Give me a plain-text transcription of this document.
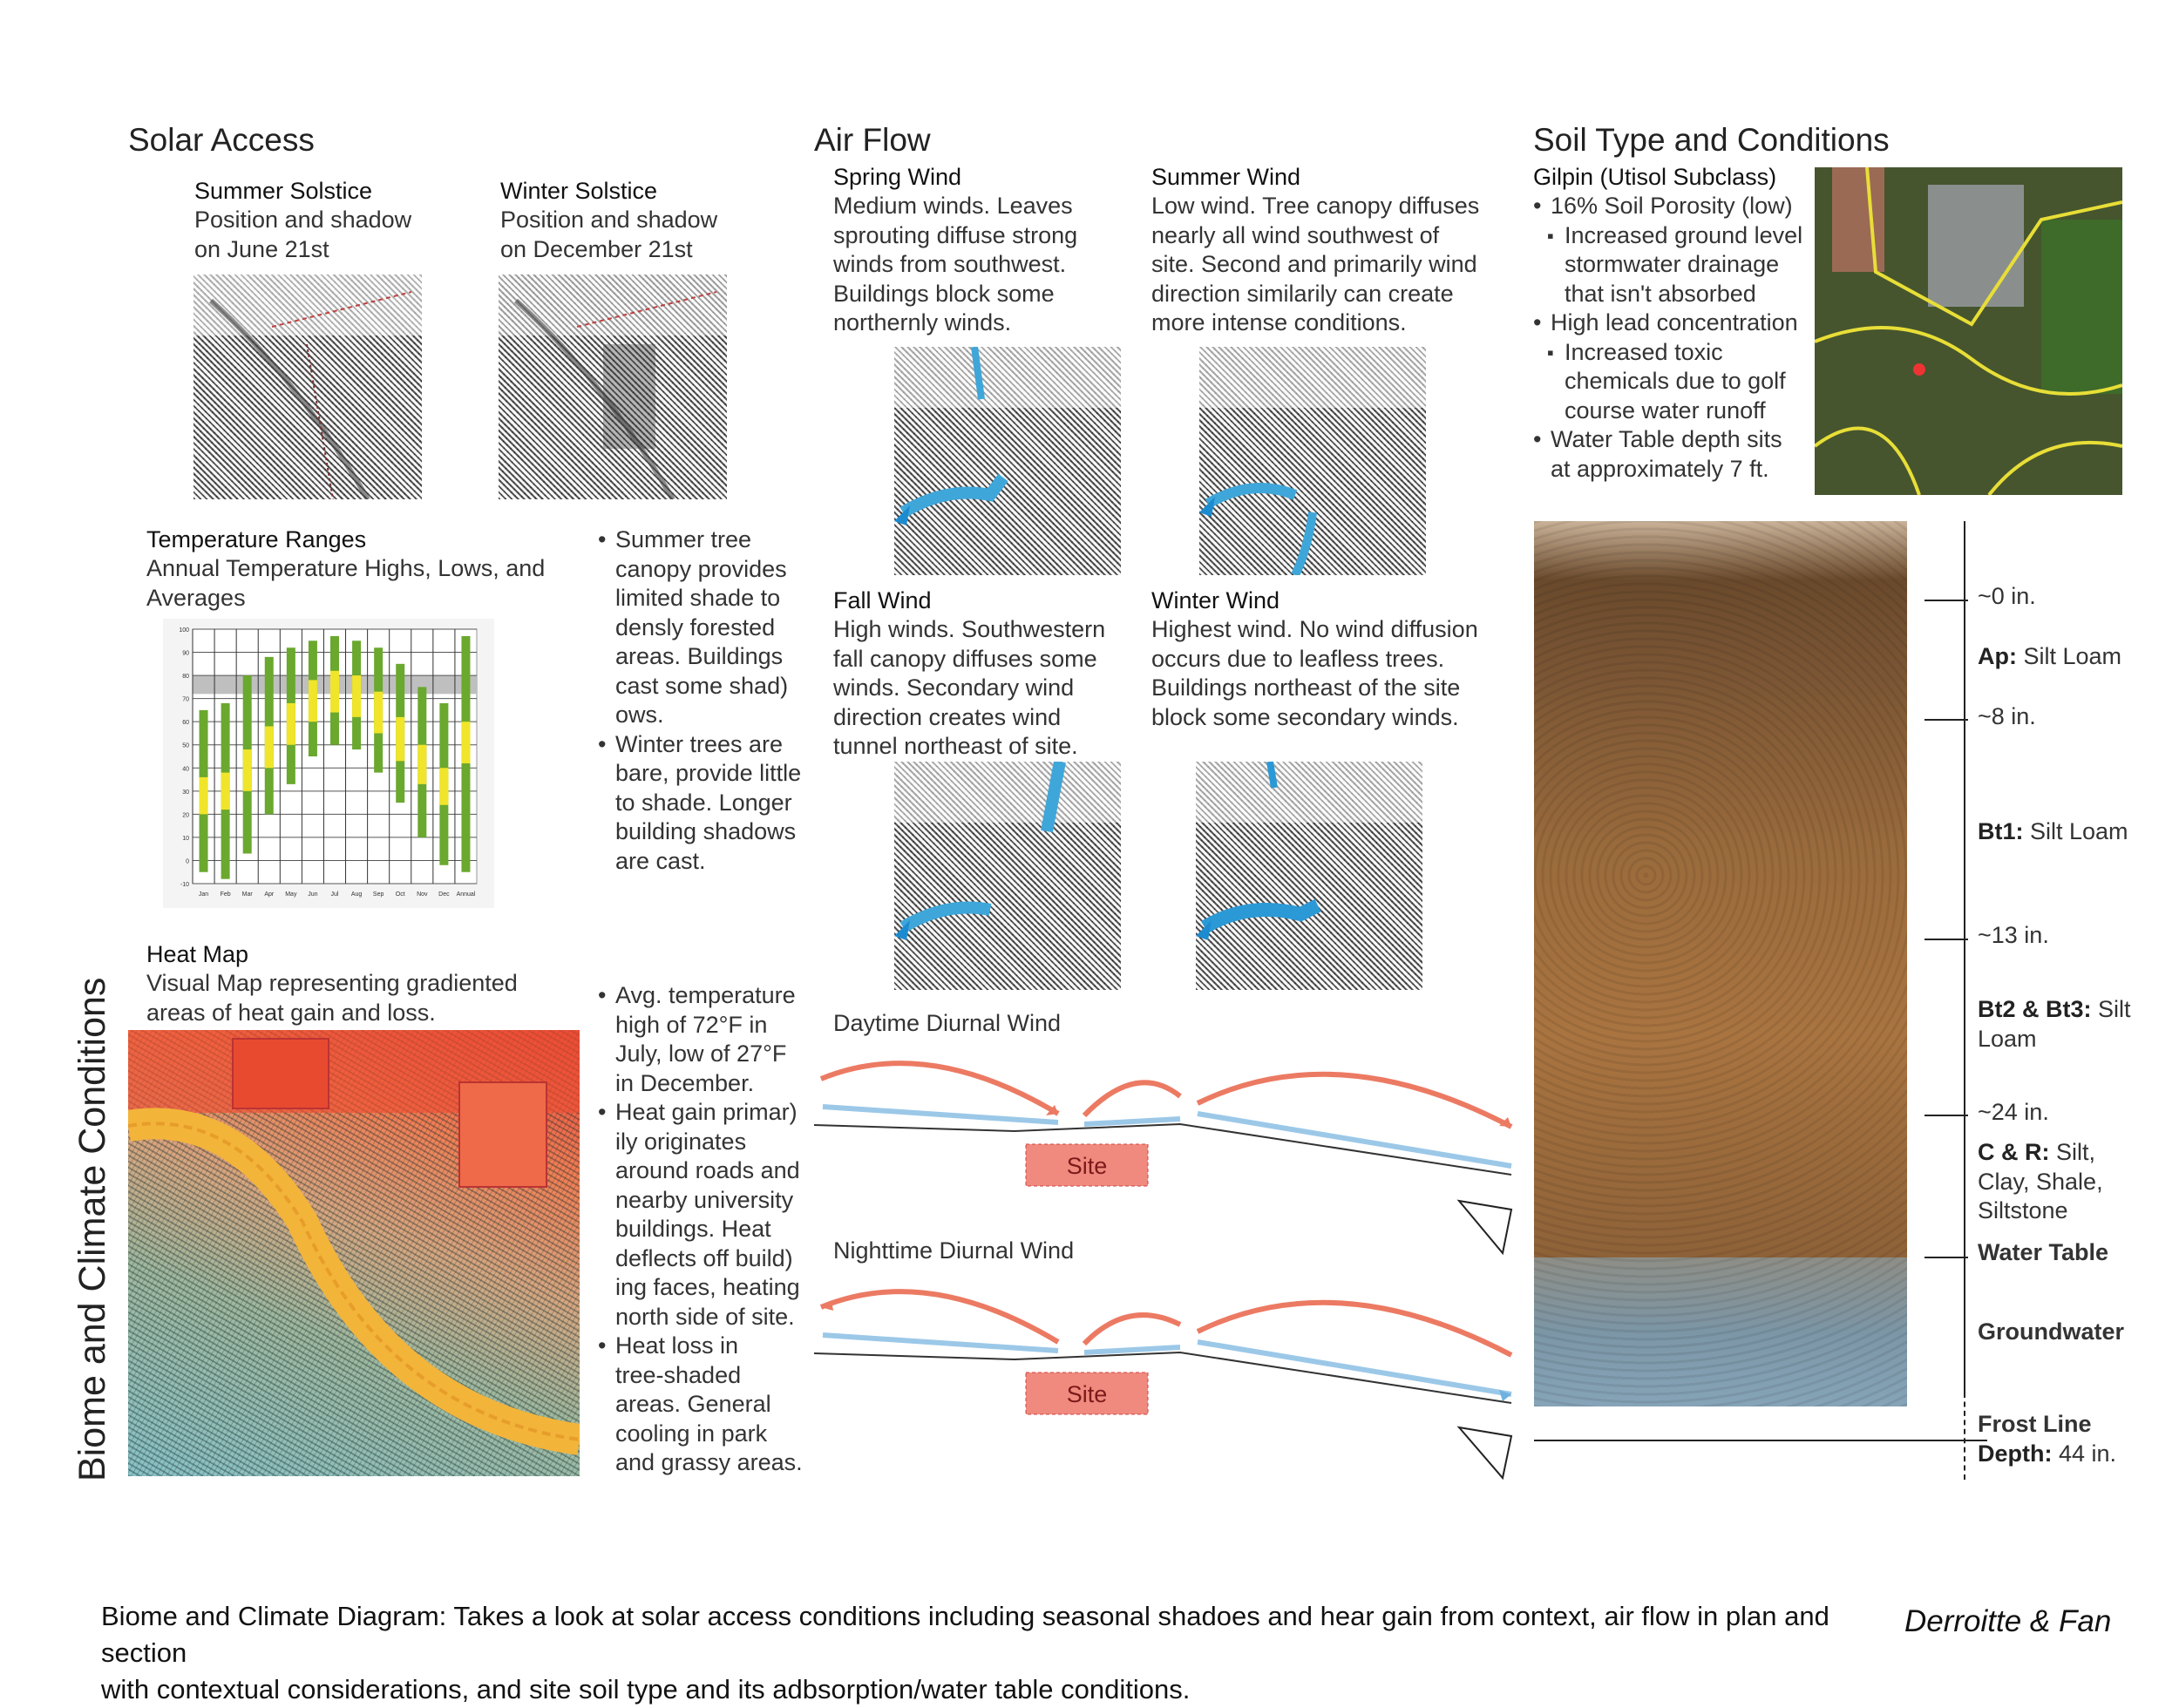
Solar Access	Air Flow	Soil Type and Conditions
Biome and Climate Conditions
Summer Solstice
Position and shadow
on June 21st
Winter Solstice
Position and shadow
on December 21st
Temperature Ranges
Annual Temperature Highs, Lows, and
Averages
• Summer tree
canopy provides
limited shade to
densly forested
areas. Buildings
cast some shad)
ows.
• Winter trees are
bare, provide little
to shade. Longer
building shadows
are cast.
100
90
80
70
60
50
40
30
20
10
0
-10
Jan Feb Mar Apr May Jun Jul Aug Sep Oct Nov Dec Annual
Heat Map
Visual Map representing gradiented
areas of heat gain and loss.
• Avg. temperature
high of 72°F in
July, low of 27°F
in December.
• Heat gain primar)
ily originates
around roads and
nearby university
buildings. Heat
deflects off build)
ing faces, heating
north side of site.
• Heat loss in
tree-shaded
areas. General
cooling in park
and grassy areas.
Spring Wind
Medium winds. Leaves
sprouting diffuse strong
winds from southwest.
Buildings block some
northernly winds.
Summer Wind
Low wind. Tree canopy diffuses
nearly all wind southwest of
site. Second and primarily wind
direction similarily can create
more intense conditions.
Fall Wind
High winds. Southwestern
fall canopy diffuses some
winds. Secondary wind
direction creates wind
tunnel northeast of site.
Winter Wind
Highest wind. No wind diffusion
occurs due to leafless trees.
Buildings northeast of the site
block some secondary winds.
Daytime Diurnal Wind
Nighttime Diurnal Wind
Site
Site
Gilpin (Utisol Subclass)
• 16% Soil Porosity (low)
▪ Increased ground level
stormwater drainage
that isn't absorbed
• High lead concentration
▪ Increased toxic
chemicals due to golf
course water runoff
• Water Table depth sits
at approximately 7 ft.
~0 in.
Ap: Silt Loam
~8 in.
Bt1: Silt Loam
~13 in.
Bt2 & Bt3: Silt
Loam
~24 in.
C & R: Silt,
Clay, Shale,
Siltstone
Water Table
Groundwater
Frost Line
Depth: 44 in.
Biome and Climate Diagram: Takes a look at solar access conditions including seasonal shadoes and hear gain from context, air flow in plan and section
with contextual considerations, and site soil type and its adbsorption/water table conditions.
Derroitte & Fan
